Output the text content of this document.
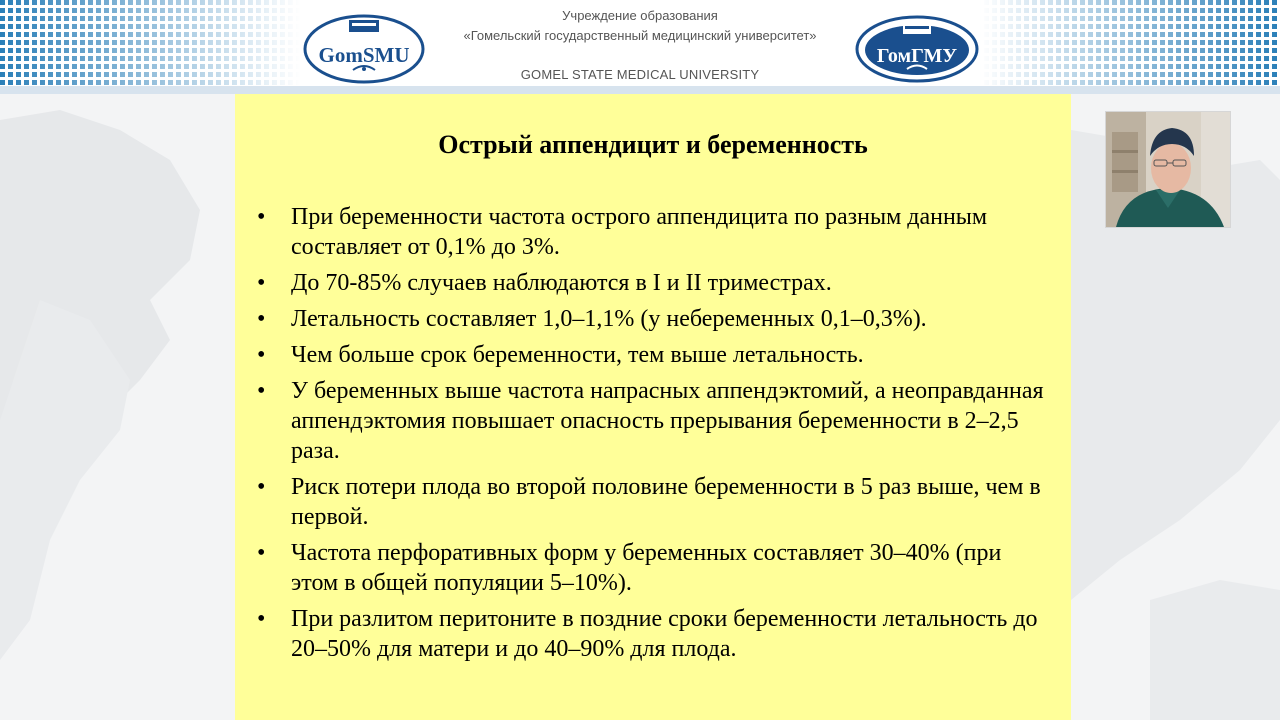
GomSMU
Учреждение образования
«Гомельский государственный медицинский университет»
GOMEL STATE MEDICAL UNIVERSITY
ГомГМУ
Острый аппендицит и беременность
• При беременности частота острого аппендицита по разным данным составляет от 0,1% до 3%.
• До 70-85% случаев наблюдаются в I и II триместрах.
• Летальность составляет 1,0–1,1% (у небеременных 0,1–0,3%).
• Чем больше срок беременности, тем выше летальность.
• У беременных выше частота напрасных аппендэктомий, а неоправданная аппендэктомия повышает опасность прерывания беременности в 2–2,5 раза.
• Риск потери плода во второй половине беременности в 5 раз выше, чем в первой.
• Частота перфоративных форм у беременных составляет 30–40% (при этом в общей популяции 5–10%).
• При разлитом перитоните в поздние сроки беременности летальность до 20–50% для матери и до 40–90% для плода.
